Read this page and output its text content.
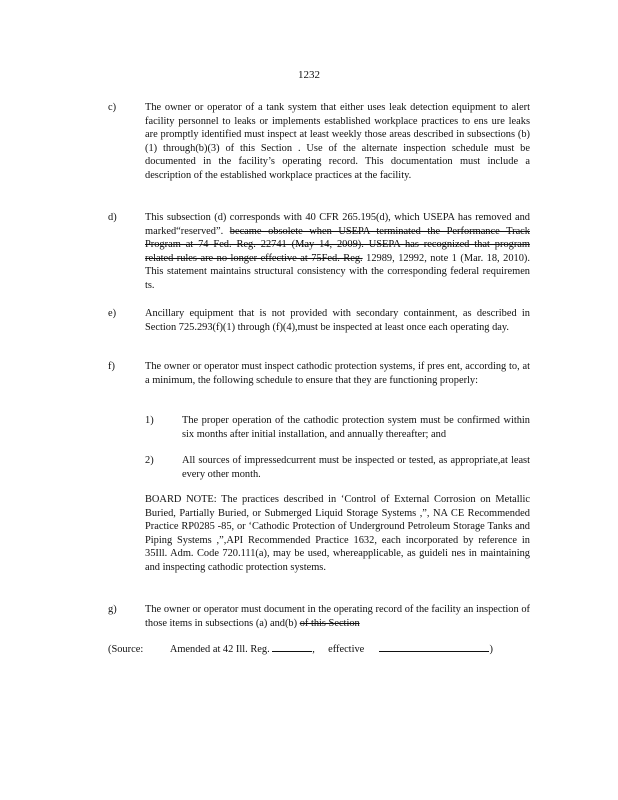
1232
c)	The owner or operator of a tank system that either uses leak detection equipment to alert facility personnel to leaks or implements established workplace practices to ens ure leaks are promptly identified must inspect at least weekly those areas described in subsections (b)(1) through(b)(3) of this Section . Use of the alternate inspection schedule must be documented in the facility’s operating record. This documentation must include a description of the established workplace practices at the facility.
d)	This subsection (d) corresponds with 40 CFR 265.195(d), which USEPA has removed and marked“reserved”. became obsolete when USEPA terminated the Performance Track Program at 74 Fed. Reg. 22741 (May 14, 2009). USEPA has recognized that program related rules are no longer effective at 75Fed. Reg. 12989, 12992, note 1 (Mar. 18, 2010). This statement maintains structural consistency with the corresponding federal requiremen ts.
e)	Ancillary equipment that is not provided with secondary containment, as described in Section 725.293(f)(1) through (f)(4),must be inspected at least once each operating day.
f)	The owner or operator must inspect cathodic protection systems, if pres ent, according to, at a minimum, the following schedule to ensure that they are functioning properly:
1)	The proper operation of the cathodic protection system must be confirmed within six months after initial installation, and annually thereafter; and
2)	All sources of impressedcurrent must be inspected or tested, as appropriate,at least every other month.
BOARD NOTE: The practices described in ‘Control of External Corrosion on Metallic Buried, Partially Buried, or Submerged Liquid Storage Systems ,”, NA CE Recommended Practice RP0285 -85, or ‘Cathodic Protection of Underground Petroleum Storage Tanks and Piping Systems ,”,API Recommended Practice 1632, each incorporated by reference in 35Ill. Adm. Code 720.111(a), may be used, whereapplicable, as guideli nes in maintaining and inspecting cathodic protection systems.
g)	The owner or operator must document in the operating record of the facility an inspection of those items in subsections (a) and(b) of this Section
(Source:	Amended at 42 Ill. Reg.	,  effective	)
